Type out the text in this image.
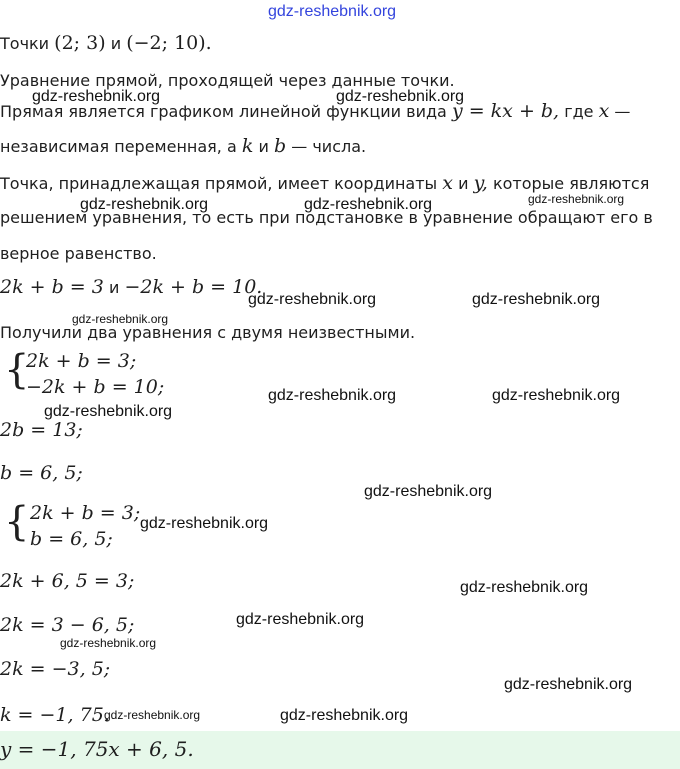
gdz-reshebnik.org
Точки (2; 3) и (−2; 10).
Уравнение прямой, проходящей через данные точки.
Прямая является графиком линейной функции вида y = kx + b, где x —
независимая переменная, а k и b — числа.
Точка, принадлежащая прямой, имеет координаты x и y, которые являются
решением уравнения, то есть при подстановке в уравнение обращают его в
верное равенство.
2k + b = 3 и −2k + b = 10.
Получили два уравнения с двумя неизвестными.
{
2k + b = 3;
−2k + b = 10;
2b = 13;
b = 6, 5;
{ 2k + b = 3;
b = 6, 5;
2k + 6, 5 = 3;
2k = 3 − 6, 5;
2k = −3, 5;
k = −1, 75.
y = −1, 75x + 6, 5.
gdz-reshebnik.org	gdz-reshebnik.org
gdz-reshebnik.org	gdz-reshebnik.org	gdz-reshebnik.org
gdz-reshebnik.org	gdz-reshebnik.org
gdz-reshebnik.org
gdz-reshebnik.org	gdz-reshebnik.org
gdz-reshebnik.org
gdz-reshebnik.org
gdz-reshebnik.org
gdz-reshebnik.org
gdz-reshebnik.org
gdz-reshebnik.org
gdz-reshebnik.org
gdz-reshebnik.org	gdz-reshebnik.org
